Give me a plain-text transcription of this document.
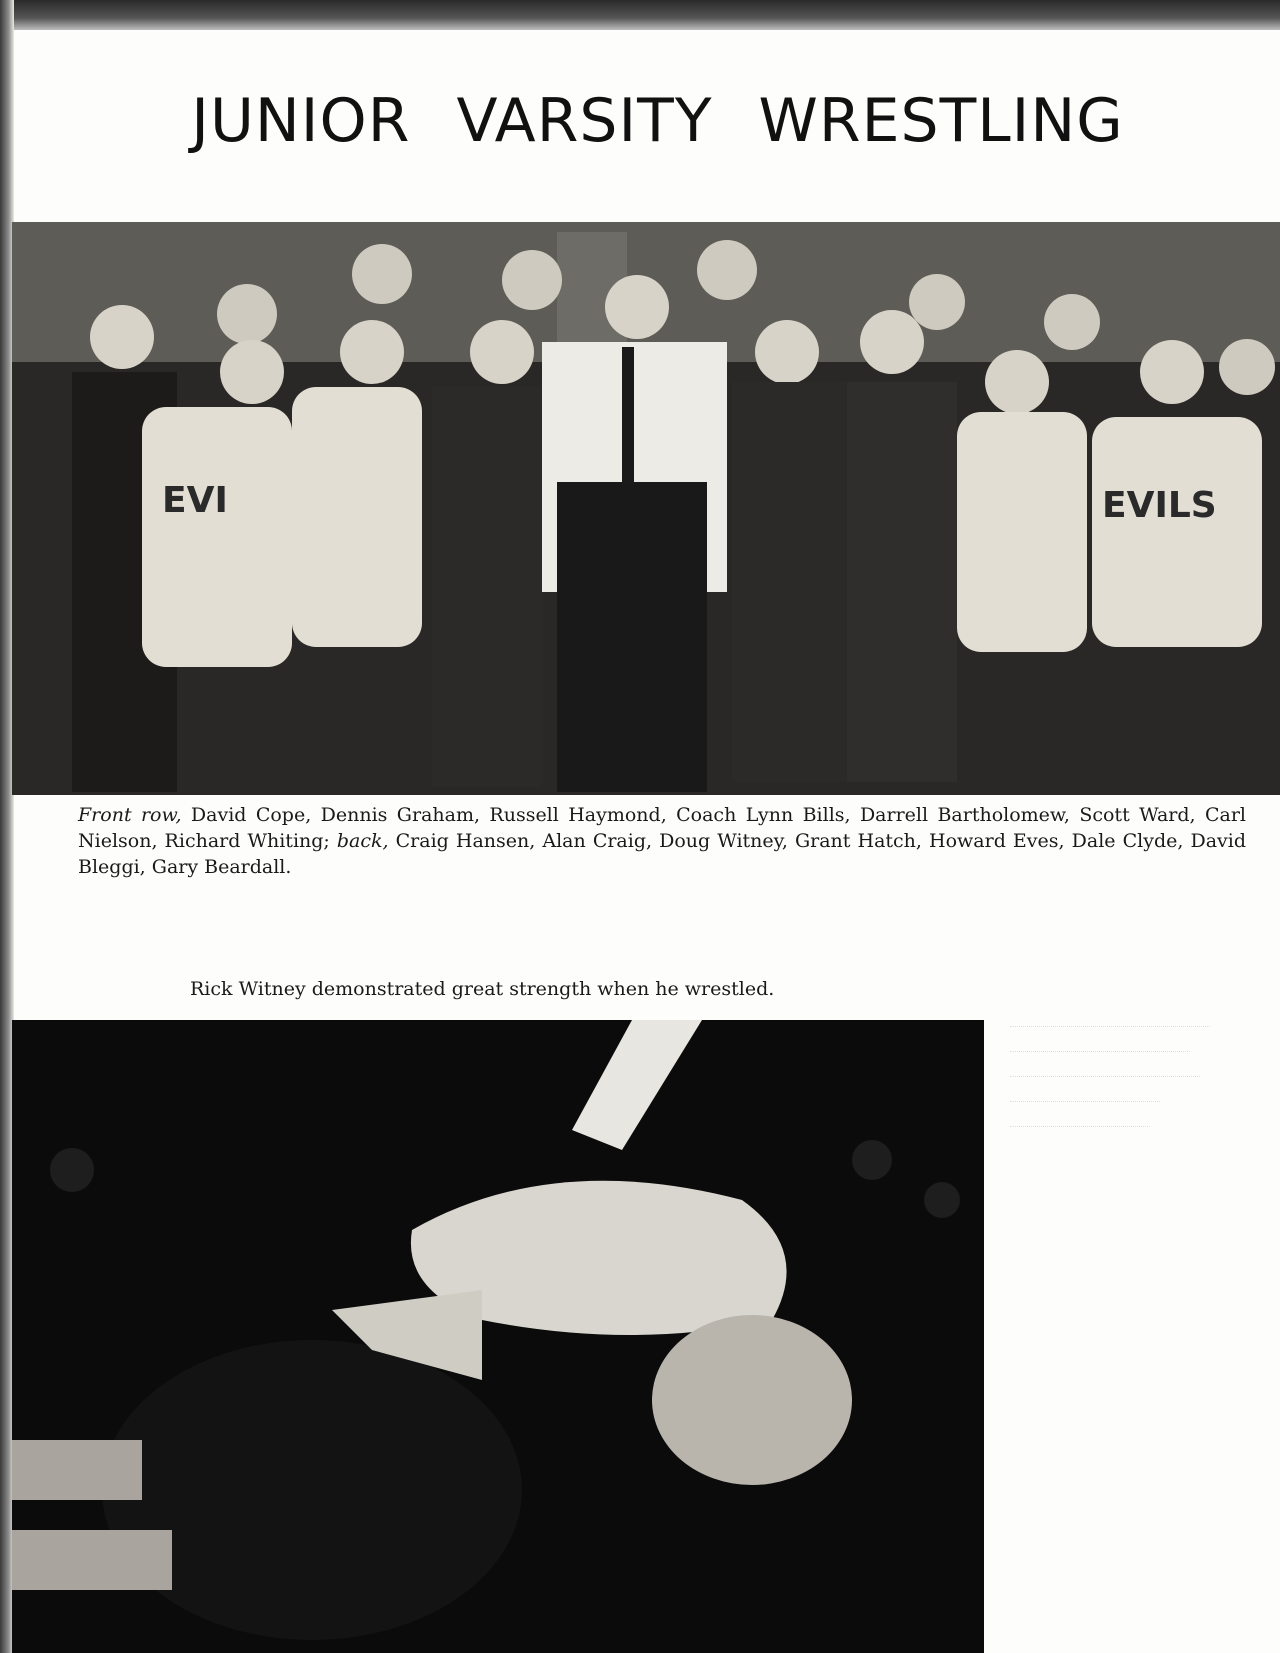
JUNIOR VARSITY WRESTLING
EVI	EVILS

Front row, David Cope, Dennis Graham, Russell Haymond, Coach Lynn Bills, Darrell Bartholomew, Scott Ward, Carl Nielson, Richard Whiting; back, Craig Hansen, Alan Craig, Doug Witney, Grant Hatch, Howard Eves, Dale Clyde, David Bleggi, Gary Beardall.

Rick Witney demonstrated great strength when he wrestled.
